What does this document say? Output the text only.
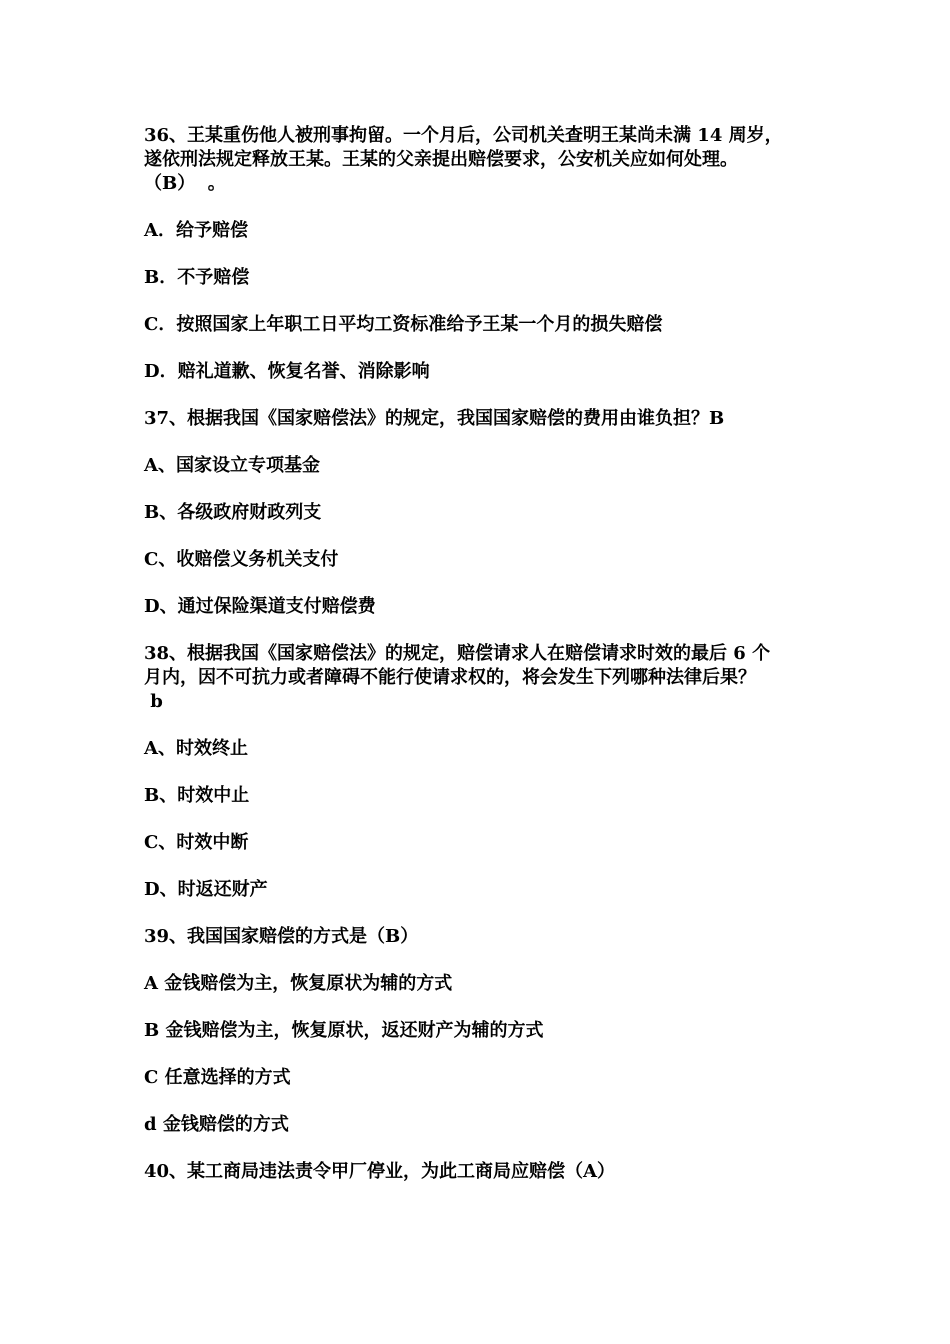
36、王某重伤他人被刑事拘留。一个月后，公司机关查明王某尚未满 14 周岁，
遂依刑法规定释放王某。王某的父亲提出赔偿要求，公安机关应如何处理。
（B）  。
A．给予赔偿
B．不予赔偿
C．按照国家上年职工日平均工资标准给予王某一个月的损失赔偿
D．赔礼道歉、恢复名誉、消除影响
37、根据我国《国家赔偿法》的规定，我国国家赔偿的费用由谁负担？B
A、国家设立专项基金
B、各级政府财政列支
C、收赔偿义务机关支付
D、通过保险渠道支付赔偿费
38、根据我国《国家赔偿法》的规定，赔偿请求人在赔偿请求时效的最后 6 个
月内，因不可抗力或者障碍不能行使请求权的，将会发生下列哪种法律后果？
b
A、时效终止
B、时效中止
C、时效中断
D、时返还财产
39、我国国家赔偿的方式是（B）
A 金钱赔偿为主，恢复原状为辅的方式
B 金钱赔偿为主，恢复原状，返还财产为辅的方式
C 任意选择的方式
d 金钱赔偿的方式
40、某工商局违法责令甲厂停业，为此工商局应赔偿（A）
